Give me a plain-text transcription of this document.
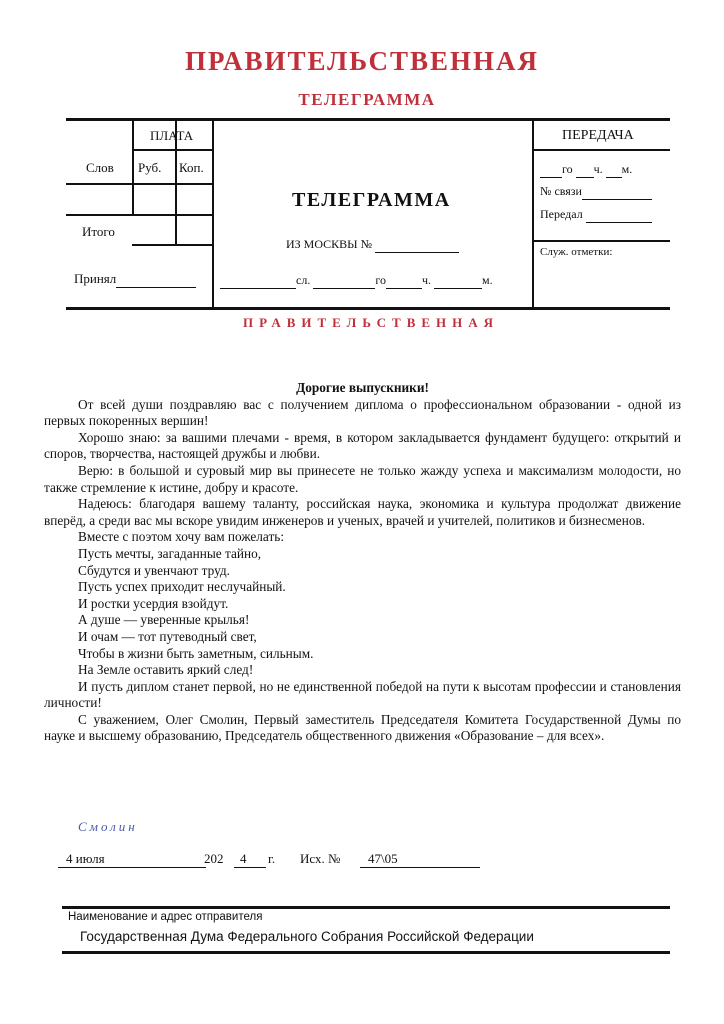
ПРАВИТЕЛЬСТВЕННАЯ
ТЕЛЕГРАММА
ПЛАТА
Слов Руб. Коп.
Итого
Принял
ТЕЛЕГРАММА
ИЗ МОСКВЫ №
сл.	го	ч.	м.
ПЕРЕДАЧА
го ч. м.
№ связи
Передал
Служ. отметки:
ПРАВИТЕЛЬСТВЕННАЯ

Дорогие выпускники!

От всей души поздравляю вас с получением диплома о профессиональном образовании - одной из первых покоренных вершин!

Хорошо знаю: за вашими плечами - время, в котором закладывается фундамент будущего: открытий и споров, творчества, настоящей дружбы и любви.

Верю: в большой и суровый мир вы принесете не только жажду успеха и максимализм молодости, но также стремление к истине, добру и красоте.

Надеюсь: благодаря вашему таланту, российская наука, экономика и культура продолжат движение вперёд, а среди вас мы вскоре увидим инженеров и ученых, врачей и учителей, политиков и бизнесменов.

Вместе с поэтом хочу вам пожелать:

Пусть мечты, загаданные тайно,

Сбудутся и увенчают труд.

Пусть успех приходит неслучайный.

И ростки усердия взойдут.

А душе — уверенные крылья!

И очам — тот путеводный свет,

Чтобы в жизни быть заметным, сильным.

На Земле оставить яркий след!

И пусть диплом станет первой, но не единственной победой на пути к высотам профессии и становления личности!

С уважением, Олег Смолин, Первый заместитель Председателя Комитета Государственной Думы по науке и высшему образованию, Председатель общественного движения «Образование – для всех».

Смолин
4 июля	202	4	г. Исх. №	47\05
Наименование и адрес отправителя
Государственная Дума Федерального Собрания Российской Федерации
